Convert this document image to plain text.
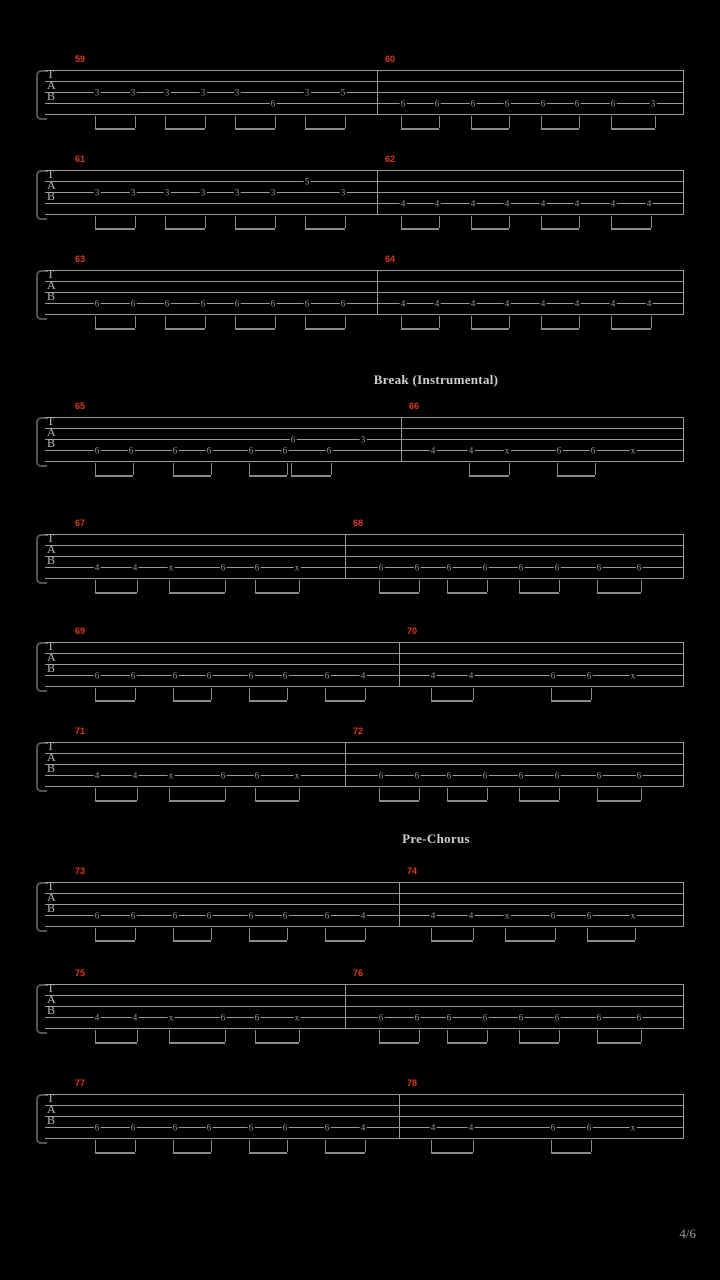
T
A
B	3	3	3	3	3
6
3	5
6	6	6	6	6	6	6	3
59	60
T
A
B	3	3	3	3	3	3
5
3
4	4	4	4	4	4	4	4
61	62
T
A
B
6	6	6	6	6	6	6	6	4	4	4	4	4	4	4	4
63	64
T
A
B
6	6	6	6	6	6
6
6
3
4	4	x	6	6	x
65	66
T
A
B
4	4	x	6	6	x	6	6	6	6	6	6	6	6
67	68
T
A
B
6	6	6	6	6	6	6	4	4	4	6	6	x
69	70
T
A
B
4	4	x	6	6	x	6	6	6	6	6	6	6	6
71	72
T
A
B
6	6	6	6	6	6	6	4	4	4	x	6	6	x
73	74
T
A
B
4	4	x	6	6	x	6	6	6	6	6	6	6	6
75	76
T
A
B
6	6	6	6	6	6	6	4	4	4	6	6	x
77	78
Break (Instrumental)
Pre-Chorus
4/6
